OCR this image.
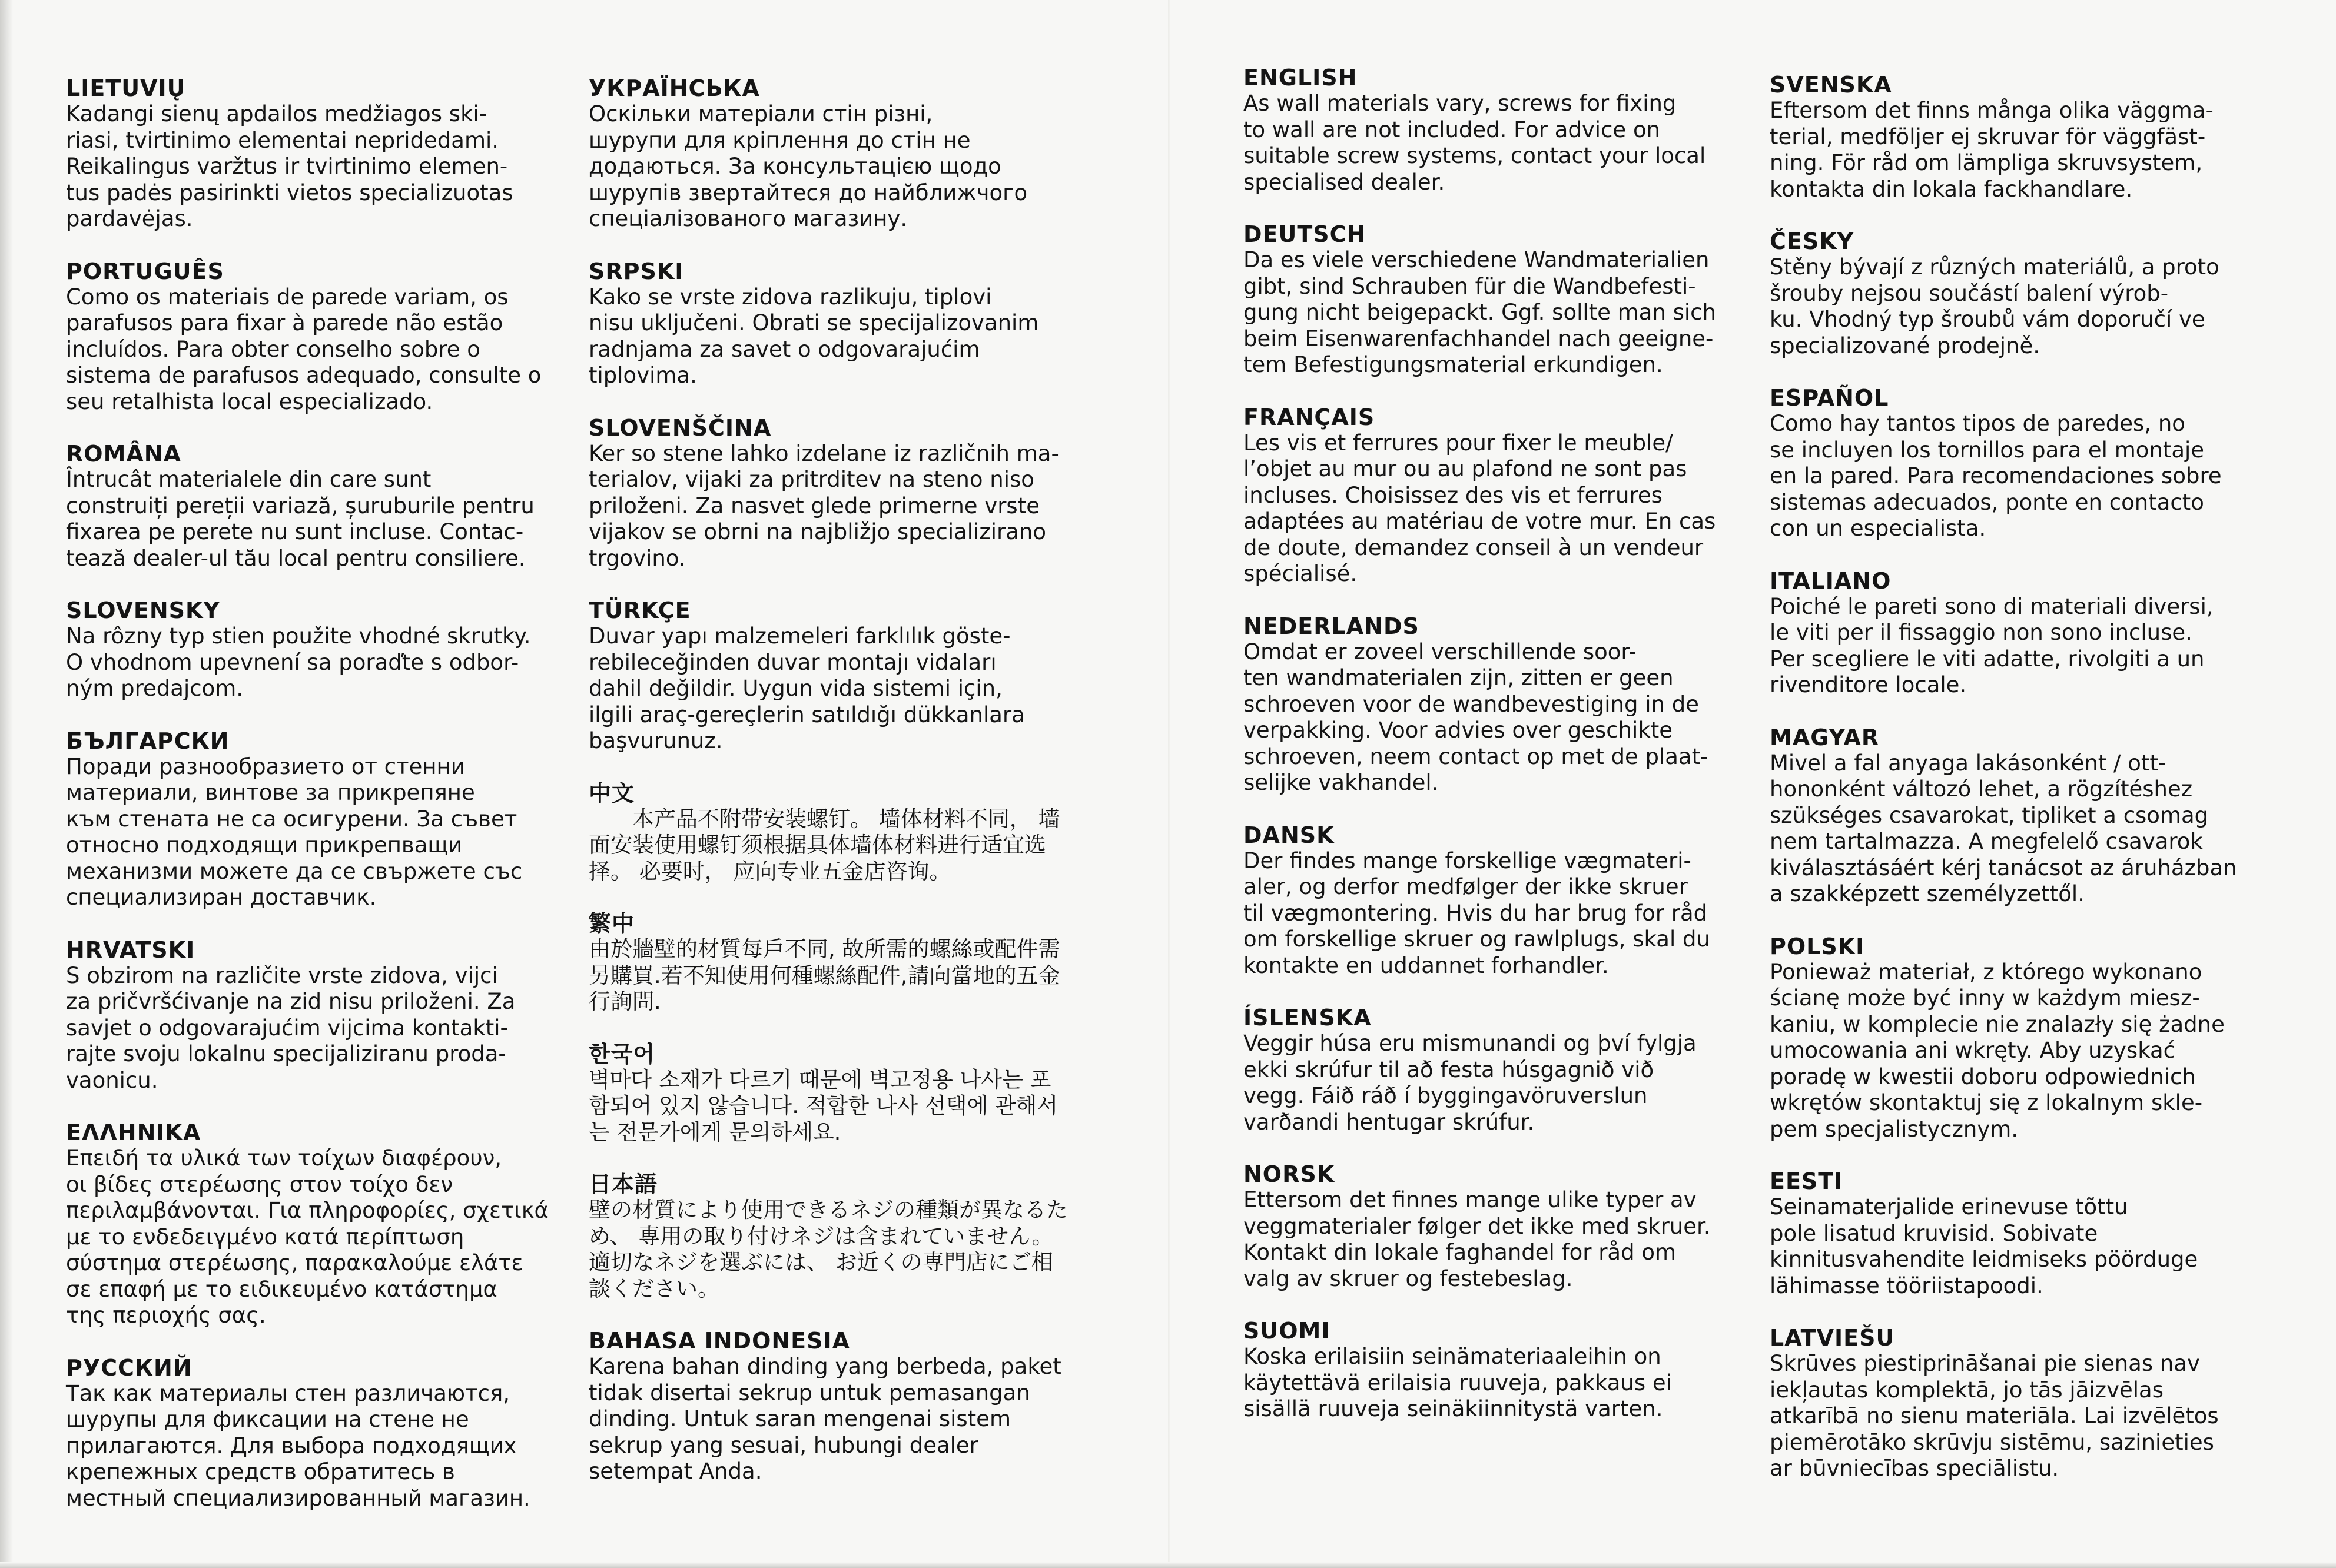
LIETUVIŲ

Kadangi sienų apdailos medžiagos ski-
riasi, tvirtinimo elementai nepridedami.
Reikalingus varžtus ir tvirtinimo elemen-
tus padės pasirinkti vietos specializuotas
pardavėjas.

PORTUGUÊS

Como os materiais de parede variam, os
parafusos para fixar à parede não estão
incluídos. Para obter conselho sobre o
sistema de parafusos adequado, consulte o
seu retalhista local especializado.

ROMÂNA

Întrucât materialele din care sunt
construiți pereții variază, șuruburile pentru
fixarea pe perete nu sunt incluse. Contac-
tează dealer-ul tău local pentru consiliere.

SLOVENSKY

Na rôzny typ stien použite vhodné skrutky.
O vhodnom upevnení sa poraďte s odbor-
ným predajcom.

БЪЛГАРСКИ

Поради разнообразието от стенни
материали, винтове за прикрепяне
към стената не са осигурени. За съвет
относно подходящи прикрепващи
механизми можете да се свържете със
специализиран доставчик.

HRVATSKI

S obzirom na različite vrste zidova, vijci
za pričvršćivanje na zid nisu priloženi. Za
savjet o odgovarajućim vijcima kontakti-
rajte svoju lokalnu specijaliziranu proda-
vaonicu.

ΕΛΛΗΝΙΚΑ

Επειδή τα υλικά των τοίχων διαφέρουν,
οι βίδες στερέωσης στον τοίχο δεν
περιλαμβάνονται. Για πληροφορίες, σχετικά
με το ενδεδειγμένο κατά περίπτωση
σύστημα στερέωσης, παρακαλούμε ελάτε
σε επαφή με το ειδικευμένο κατάστημα
της περιοχής σας.

РУССКИЙ

Так как материалы стен различаются,
шурупы для фиксации на стене не
прилагаются. Для выбора подходящих
крепежных средств обратитесь в
местный специализированный магазин.

УКРАЇНСЬКА

Оскільки матеріали стін різні,
шурупи для кріплення до стін не
додаються. За консультацією щодо
шурупів звертайтеся до найближчого
спеціалізованого магазину.

SRPSKI

Kako se vrste zidova razlikuju, tiplovi
nisu uključeni. Obrati se specijalizovanim
radnjama za savet o odgovarajućim
tiplovima.

SLOVENŠČINA

Ker so stene lahko izdelane iz različnih ma-
terialov, vijaki za pritrditev na steno niso
priloženi. Za nasvet glede primerne vrste
vijakov se obrni na najbližjo specializirano
trgovino.

TÜRKÇE

Duvar yapı malzemeleri farklılık göste-
rebileceğinden duvar montajı vidaları
dahil değildir. Uygun vida sistemi için,
ilgili araç-gereçlerin satıldığı dükkanlara
başvurunuz.

中文

　　本产品不附带安装螺钉。 墙体材料不同， 墙
面安装使用螺钉须根据具体墙体材料进行适宜选
择。 必要时， 应向专业五金店咨询。

繁中

由於牆壁的材質每戶不同, 故所需的螺絲或配件需
另購買.若不知使用何種螺絲配件,請向當地的五金
行詢問.

한국어

벽마다 소재가 다르기 때문에 벽고정용 나사는 포
함되어 있지 않습니다. 적합한 나사 선택에 관해서
는 전문가에게 문의하세요.

日本語

壁の材質により使用できるネジの種類が異なるた
め、 専用の取り付けネジは含まれていません。
適切なネジを選ぶには、 お近くの専門店にご相
談ください。

BAHASA INDONESIA

Karena bahan dinding yang berbeda, paket
tidak disertai sekrup untuk pemasangan
dinding. Untuk saran mengenai sistem
sekrup yang sesuai, hubungi dealer
setempat Anda.

ENGLISH

As wall materials vary, screws for fixing
to wall are not included. For advice on
suitable screw systems, contact your local
specialised dealer.

DEUTSCH

Da es viele verschiedene Wandmaterialien
gibt, sind Schrauben für die Wandbefesti-
gung nicht beigepackt. Ggf. sollte man sich
beim Eisenwarenfachhandel nach geeigne-
tem Befestigungsmaterial erkundigen.

FRANÇAIS

Les vis et ferrures pour fixer le meuble/
l’objet au mur ou au plafond ne sont pas
incluses. Choisissez des vis et ferrures
adaptées au matériau de votre mur. En cas
de doute, demandez conseil à un vendeur
spécialisé.

NEDERLANDS

Omdat er zoveel verschillende soor-
ten wandmaterialen zijn, zitten er geen
schroeven voor de wandbevestiging in de
verpakking. Voor advies over geschikte
schroeven, neem contact op met de plaat-
selijke vakhandel.

DANSK

Der findes mange forskellige vægmateri-
aler, og derfor medfølger der ikke skruer
til vægmontering. Hvis du har brug for råd
om forskellige skruer og rawlplugs, skal du
kontakte en uddannet forhandler.

ÍSLENSKA

Veggir húsa eru mismunandi og því fylgja
ekki skrúfur til að festa húsgagnið við
vegg. Fáið ráð í byggingavöruverslun
varðandi hentugar skrúfur.

NORSK

Ettersom det finnes mange ulike typer av
veggmaterialer følger det ikke med skruer.
Kontakt din lokale faghandel for råd om
valg av skruer og festebeslag.

SUOMI

Koska erilaisiin seinämateriaaleihin on
käytettävä erilaisia ruuveja, pakkaus ei
sisällä ruuveja seinäkiinnitystä varten.

SVENSKA

Eftersom det finns många olika väggma-
terial, medföljer ej skruvar för väggfäst-
ning. För råd om lämpliga skruvsystem,
kontakta din lokala fackhandlare.

ČESKY

Stěny bývají z různých materiálů, a proto
šrouby nejsou součástí balení výrob-
ku. Vhodný typ šroubů vám doporučí ve
specializované prodejně.

ESPAÑOL

Como hay tantos tipos de paredes, no
se incluyen los tornillos para el montaje
en la pared. Para recomendaciones sobre
sistemas adecuados, ponte en contacto
con un especialista.

ITALIANO

Poiché le pareti sono di materiali diversi,
le viti per il fissaggio non sono incluse.
Per scegliere le viti adatte, rivolgiti a un
rivenditore locale.

MAGYAR

Mivel a fal anyaga lakásonként / ott-
hononként változó lehet, a rögzítéshez
szükséges csavarokat, tipliket a csomag
nem tartalmazza. A megfelelő csavarok
kiválasztásáért kérj tanácsot az áruházban
a szakképzett személyzettől.

POLSKI

Ponieważ materiał, z którego wykonano
ścianę może być inny w każdym miesz-
kaniu, w komplecie nie znalazły się żadne
umocowania ani wkręty. Aby uzyskać
poradę w kwestii doboru odpowiednich
wkrętów skontaktuj się z lokalnym skle-
pem specjalistycznym.

EESTI

Seinamaterjalide erinevuse tõttu
pole lisatud kruvisid. Sobivate
kinnitusvahendite leidmiseks pöörduge
lähimasse tööriistapoodi.

LATVIEŠU

Skrūves piestiprināšanai pie sienas nav
iekļautas komplektā, jo tās jāizvēlas
atkarībā no sienu materiāla. Lai izvēlētos
piemērotāko skrūvju sistēmu, sazinieties
ar būvniecības speciālistu.
